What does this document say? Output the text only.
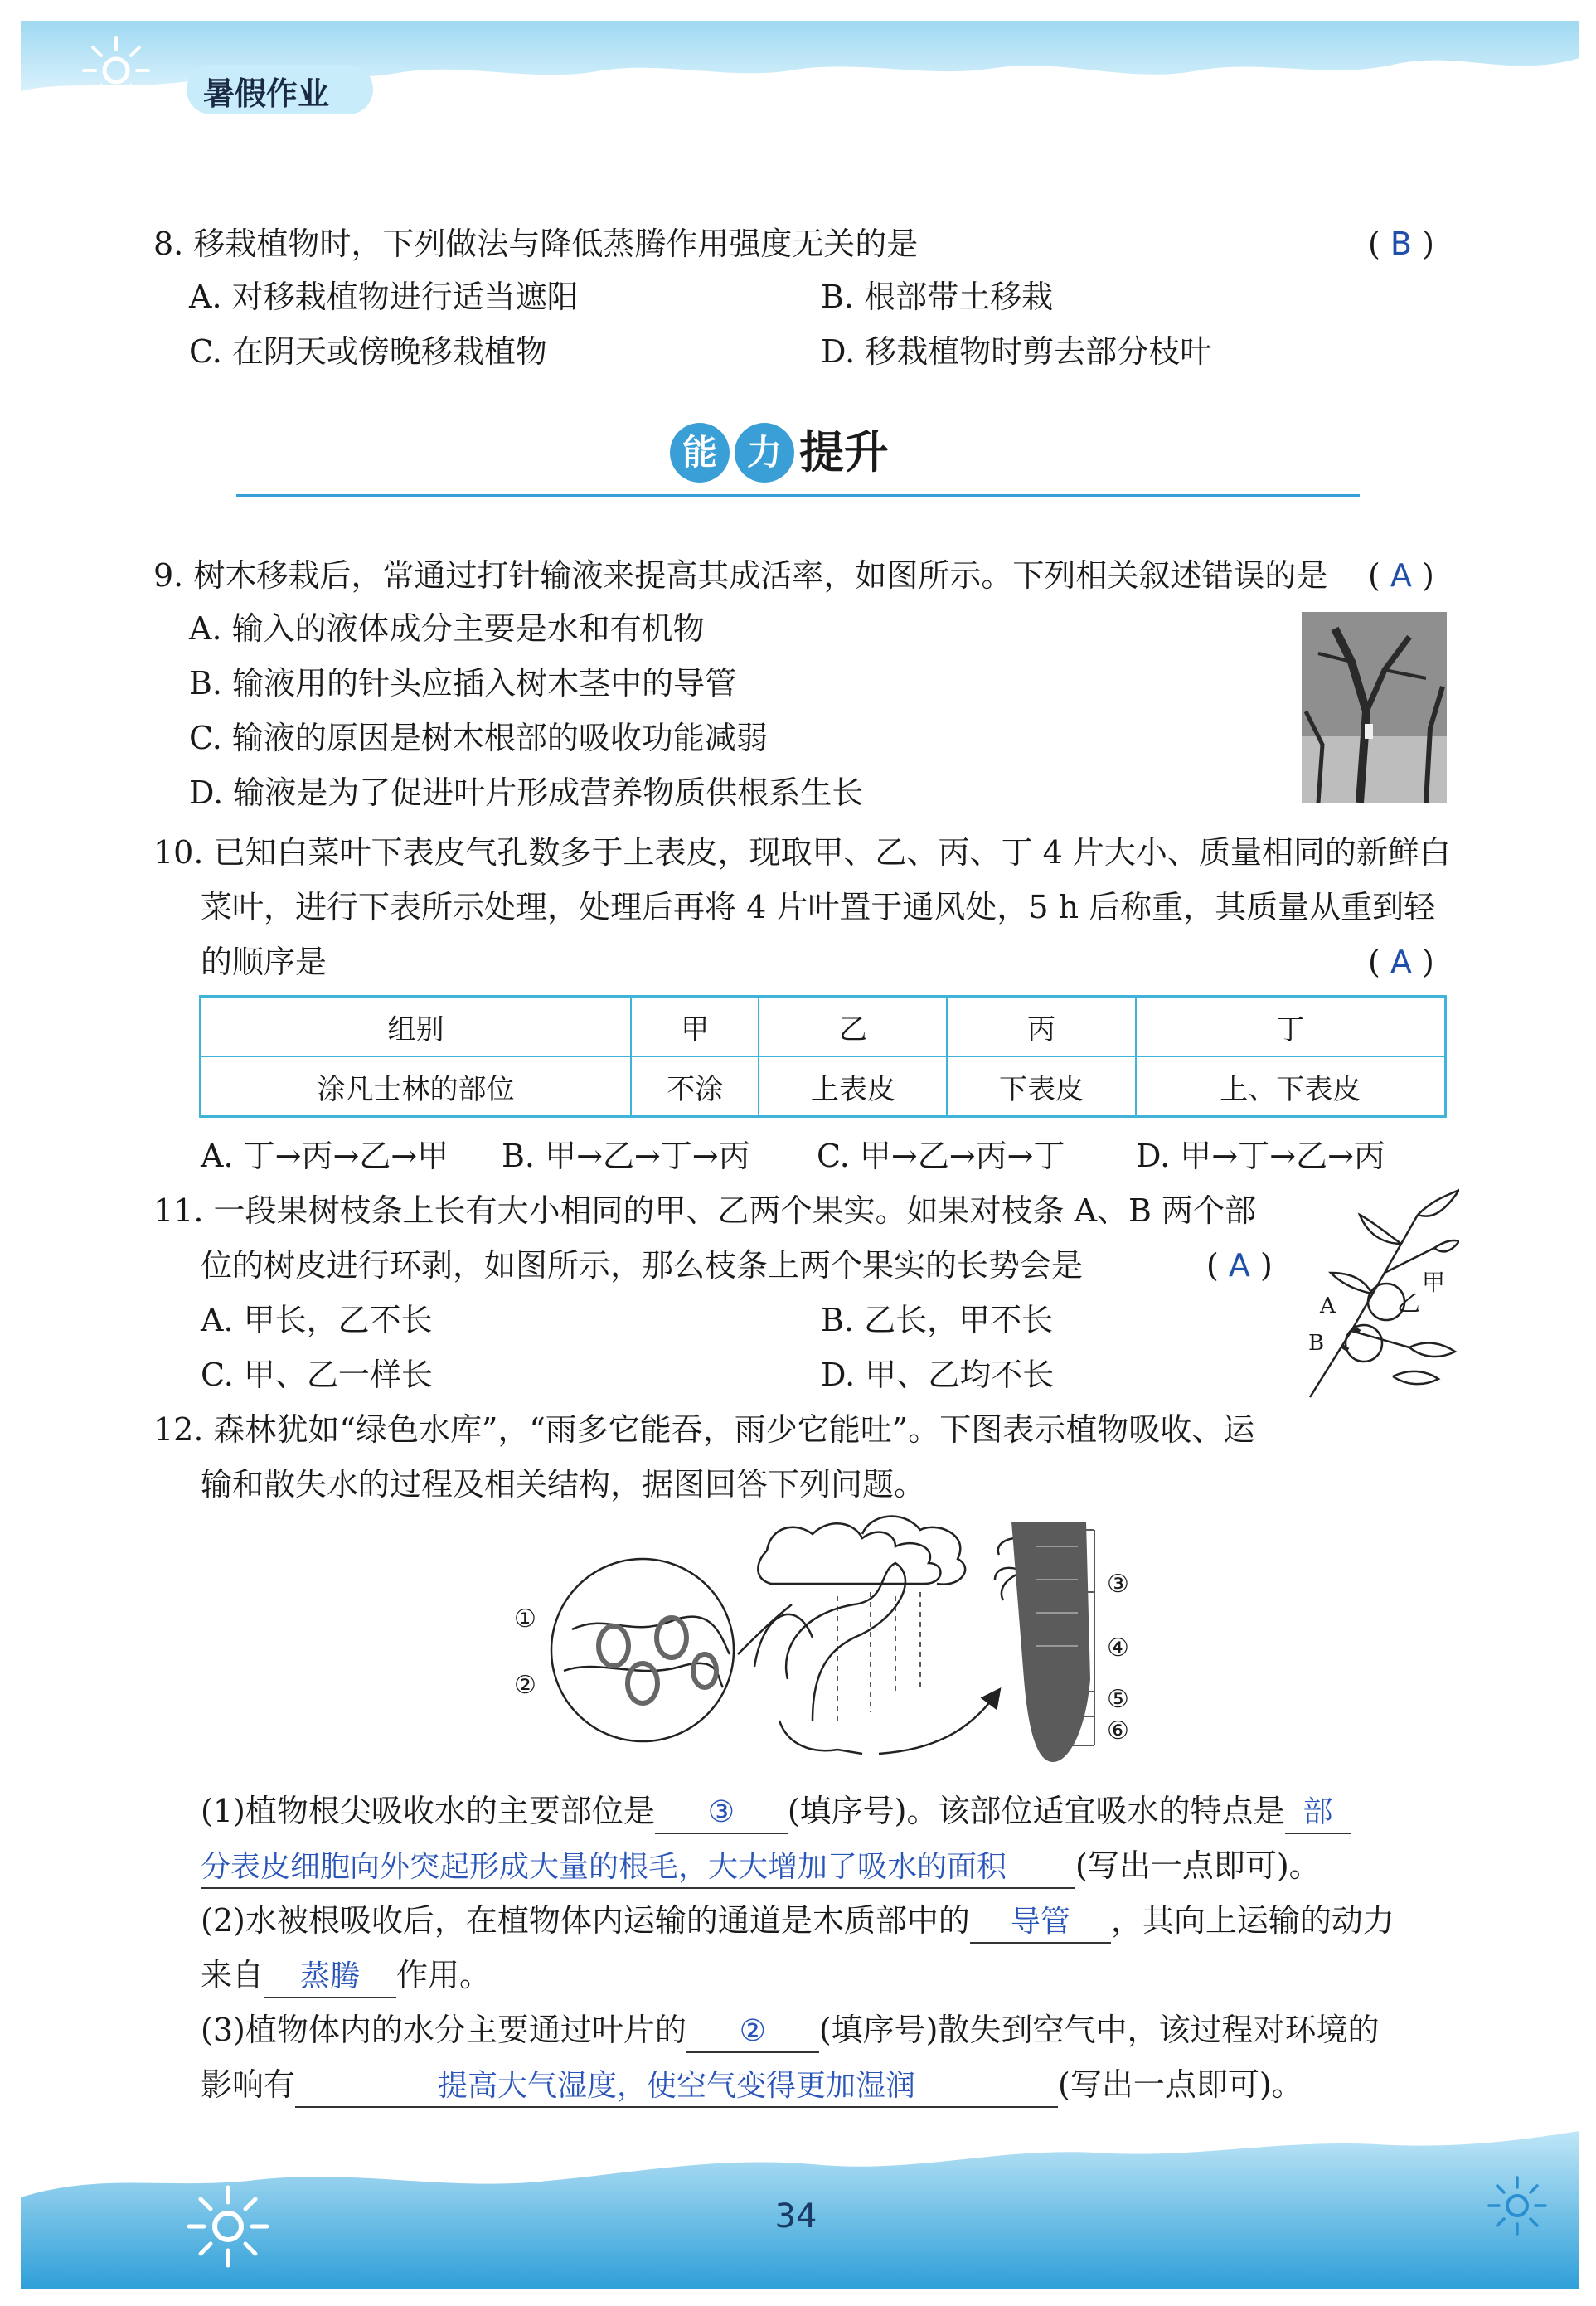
暑假作业
8. 移栽植物时，下列做法与降低蒸腾作用强度无关的是	( B )
A. 对移栽植物进行适当遮阳	B. 根部带土移栽
C. 在阴天或傍晚移栽植物	D. 移栽植物时剪去部分枝叶
能 力 提升
9. 树木移栽后，常通过打针输液来提高其成活率，如图所示。下列相关叙述错误的是 ( A )
A. 输入的液体成分主要是水和有机物
B. 输液用的针头应插入树木茎中的导管
C. 输液的原因是树木根部的吸收功能减弱
D. 输液是为了促进叶片形成营养物质供根系生长
10. 已知白菜叶下表皮气孔数多于上表皮，现取甲、乙、丙、丁 4 片大小、质量相同的新鲜白
菜叶，进行下表所示处理，处理后再将 4 片叶置于通风处，5 h 后称重，其质量从重到轻
的顺序是	( A )
组别	甲	乙	丙	丁
涂凡士林的部位	不涂	上表皮	下表皮	上、下表皮
A. 丁→丙→乙→甲 B. 甲→乙→丁→丙 C. 甲→乙→丙→丁 D. 甲→丁→乙→丙
11. 一段果树枝条上长有大小相同的甲、乙两个果实。如果对枝条 A、B 两个部
位的树皮进行环剥，如图所示，那么枝条上两个果实的长势会是	( A )
A. 甲长，乙不长	B. 乙长，甲不长
C. 甲、乙一样长	D. 甲、乙均不长
甲
乙
A
B
12. 森林犹如“绿色水库”，“雨多它能吞，雨少它能吐”。下图表示植物吸收、运
输和散失水的过程及相关结构，据图回答下列问题。
①
②
③
④
⑤
⑥
(1)植物根尖吸收水的主要部位是 ③ (填序号)。该部位适宜吸水的特点是 部
分表皮细胞向外突起形成大量的根毛，大大增加了吸水的面积 (写出一点即可)。
(2)水被根吸收后，在植物体内运输的通道是木质部中的 导管 ，其向上运输的动力
来自 蒸腾 作用。
(3)植物体内的水分主要通过叶片的 ② (填序号)散失到空气中，该过程对环境的
影响有	提高大气湿度，使空气变得更加湿润	(写出一点即可)。
34
